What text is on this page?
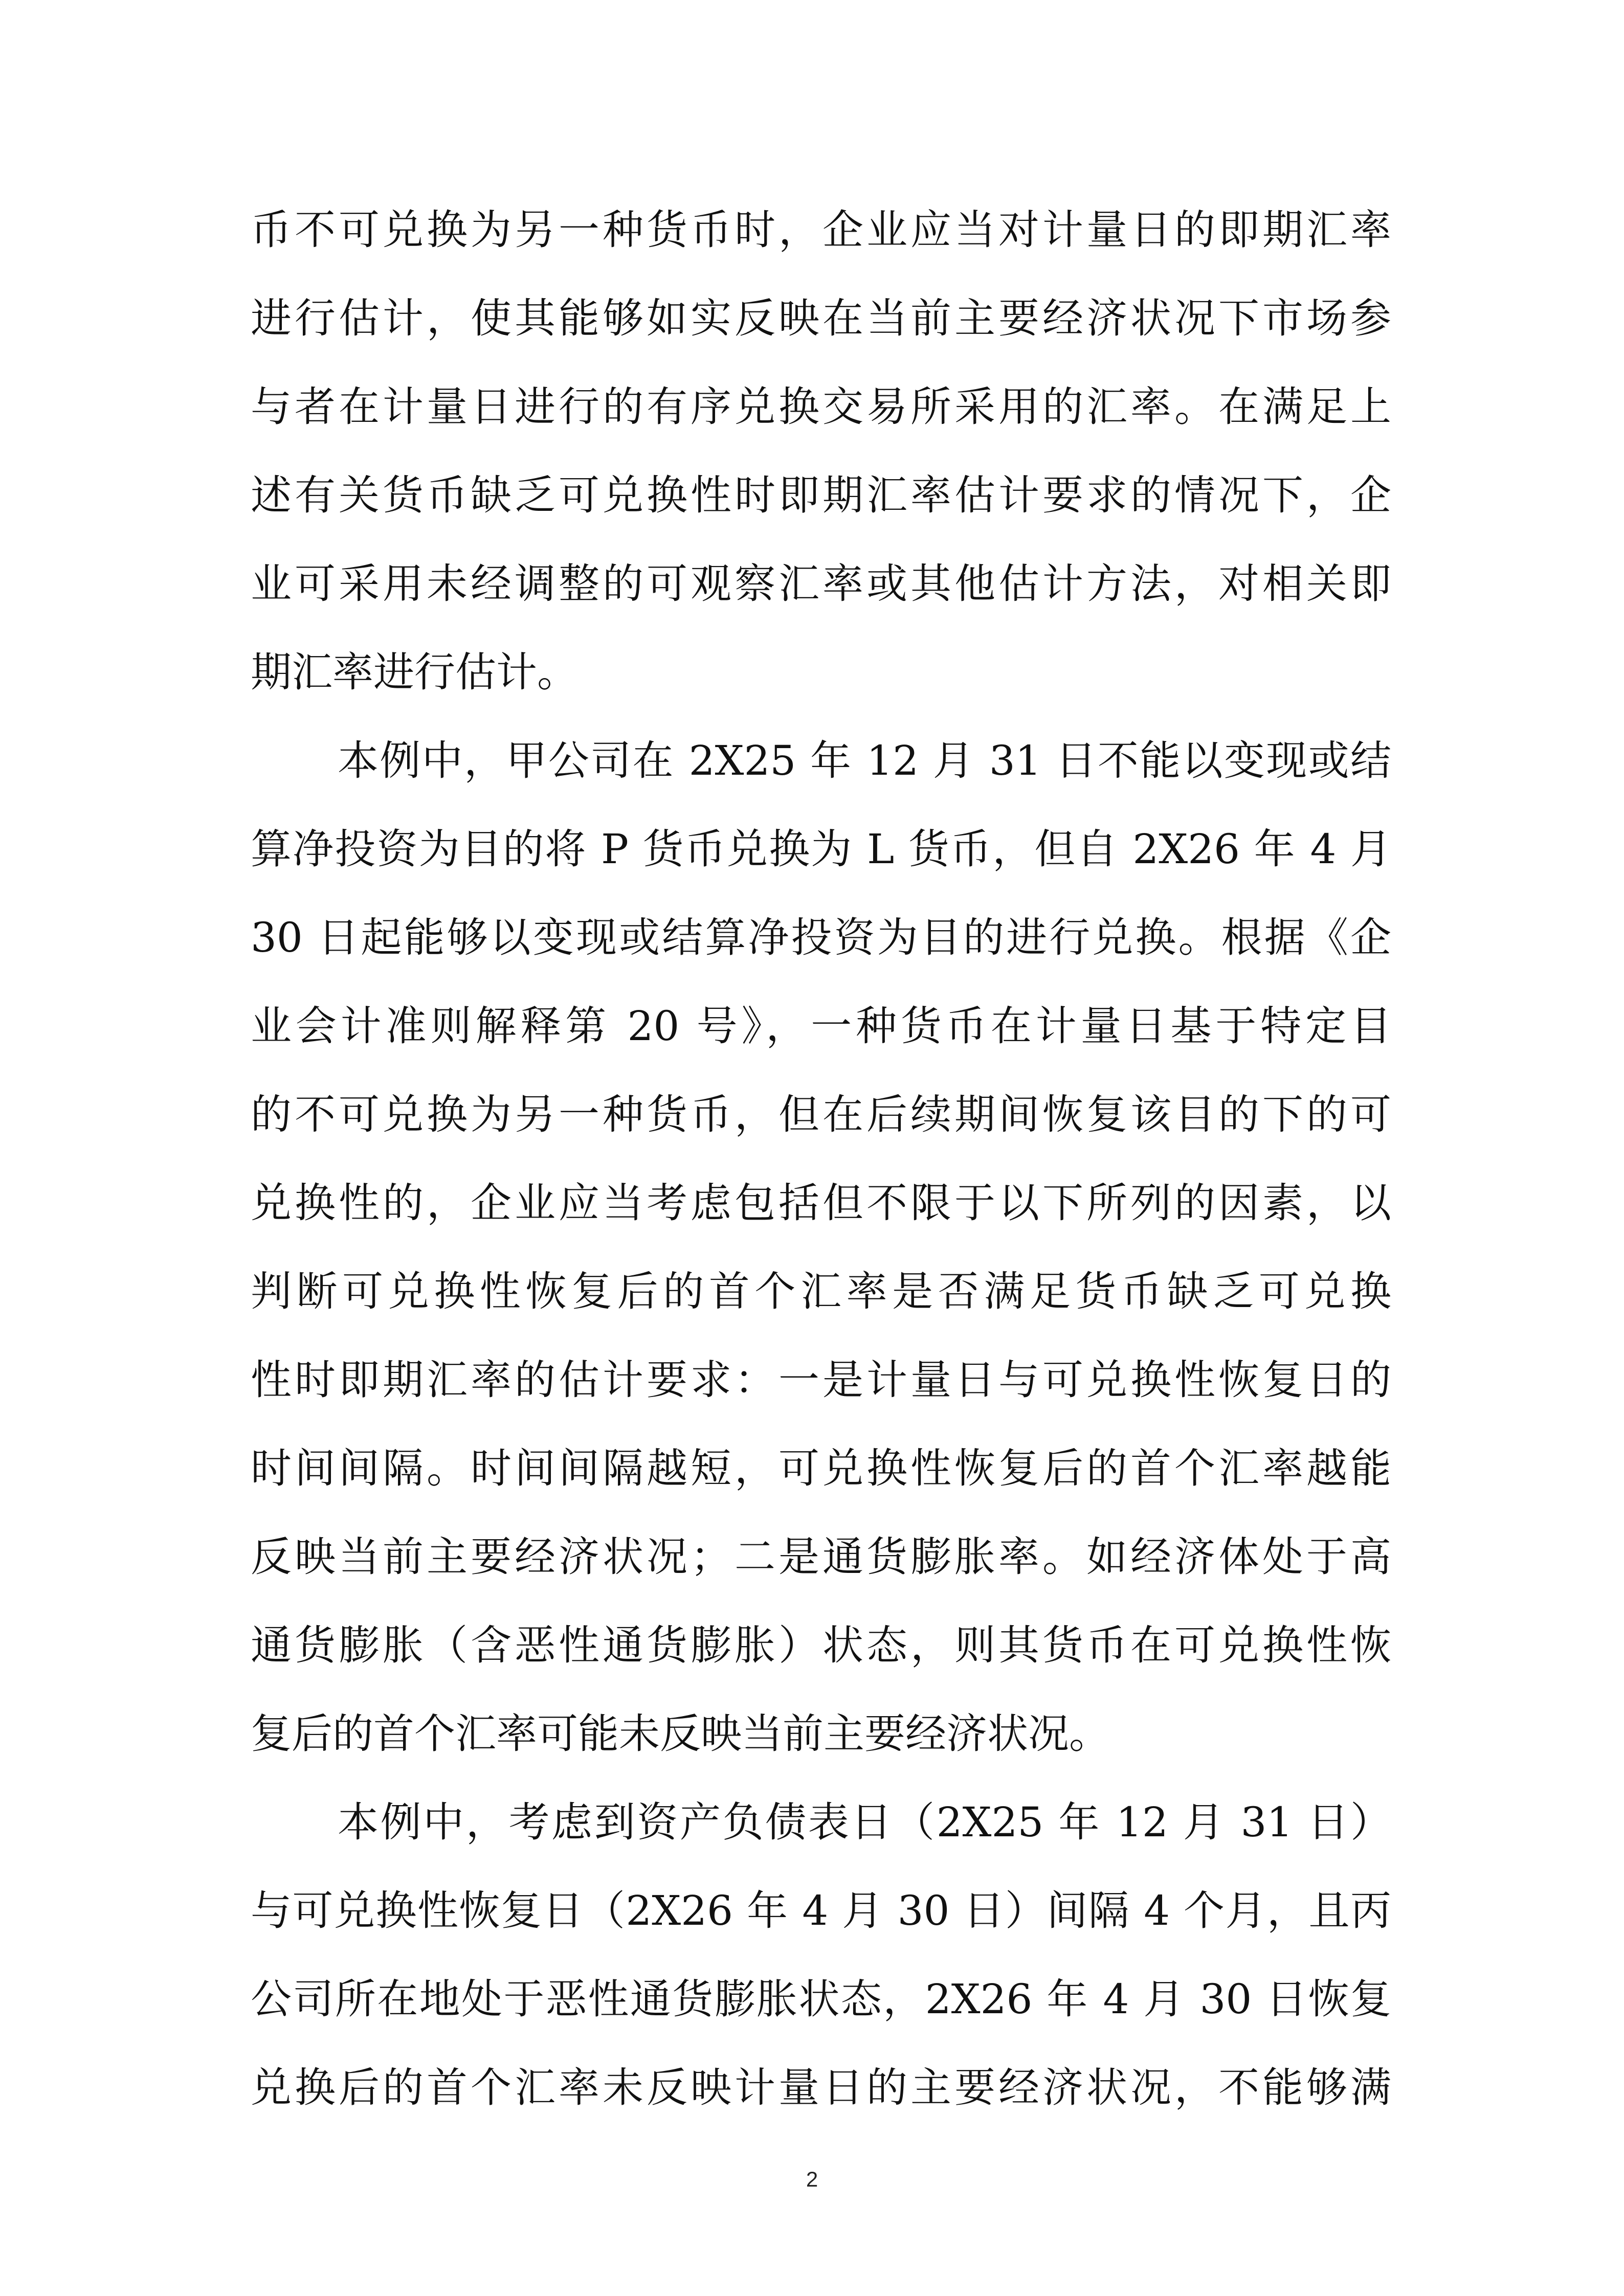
币不可兑换为另一种货币时，企业应当对计量日的即期汇率
进行估计，使其能够如实反映在当前主要经济状况下市场参
与者在计量日进行的有序兑换交易所采用的汇率。在满足上
述有关货币缺乏可兑换性时即期汇率估计要求的情况下，企
业可采用未经调整的可观察汇率或其他估计方法，对相关即
期汇率进行估计。
本例中，甲公司在 2X25 年 12 月 31 日不能以变现或结
算净投资为目的将 P 货币兑换为 L 货币，但自 2X26 年 4 月
30 日起能够以变现或结算净投资为目的进行兑换。根据《企
业会计准则解释第 20 号》，一种货币在计量日基于特定目
的不可兑换为另一种货币，但在后续期间恢复该目的下的可
兑换性的，企业应当考虑包括但不限于以下所列的因素，以
判断可兑换性恢复后的首个汇率是否满足货币缺乏可兑换
性时即期汇率的估计要求：一是计量日与可兑换性恢复日的
时间间隔。时间间隔越短，可兑换性恢复后的首个汇率越能
反映当前主要经济状况；二是通货膨胀率。如经济体处于高
通货膨胀（含恶性通货膨胀）状态，则其货币在可兑换性恢
复后的首个汇率可能未反映当前主要经济状况。
本例中，考虑到资产负债表日（2X25 年 12 月 31 日）
与可兑换性恢复日（2X26 年 4 月 30 日）间隔 4 个月，且丙
公司所在地处于恶性通货膨胀状态，2X26 年 4 月 30 日恢复
兑换后的首个汇率未反映计量日的主要经济状况，不能够满
2
